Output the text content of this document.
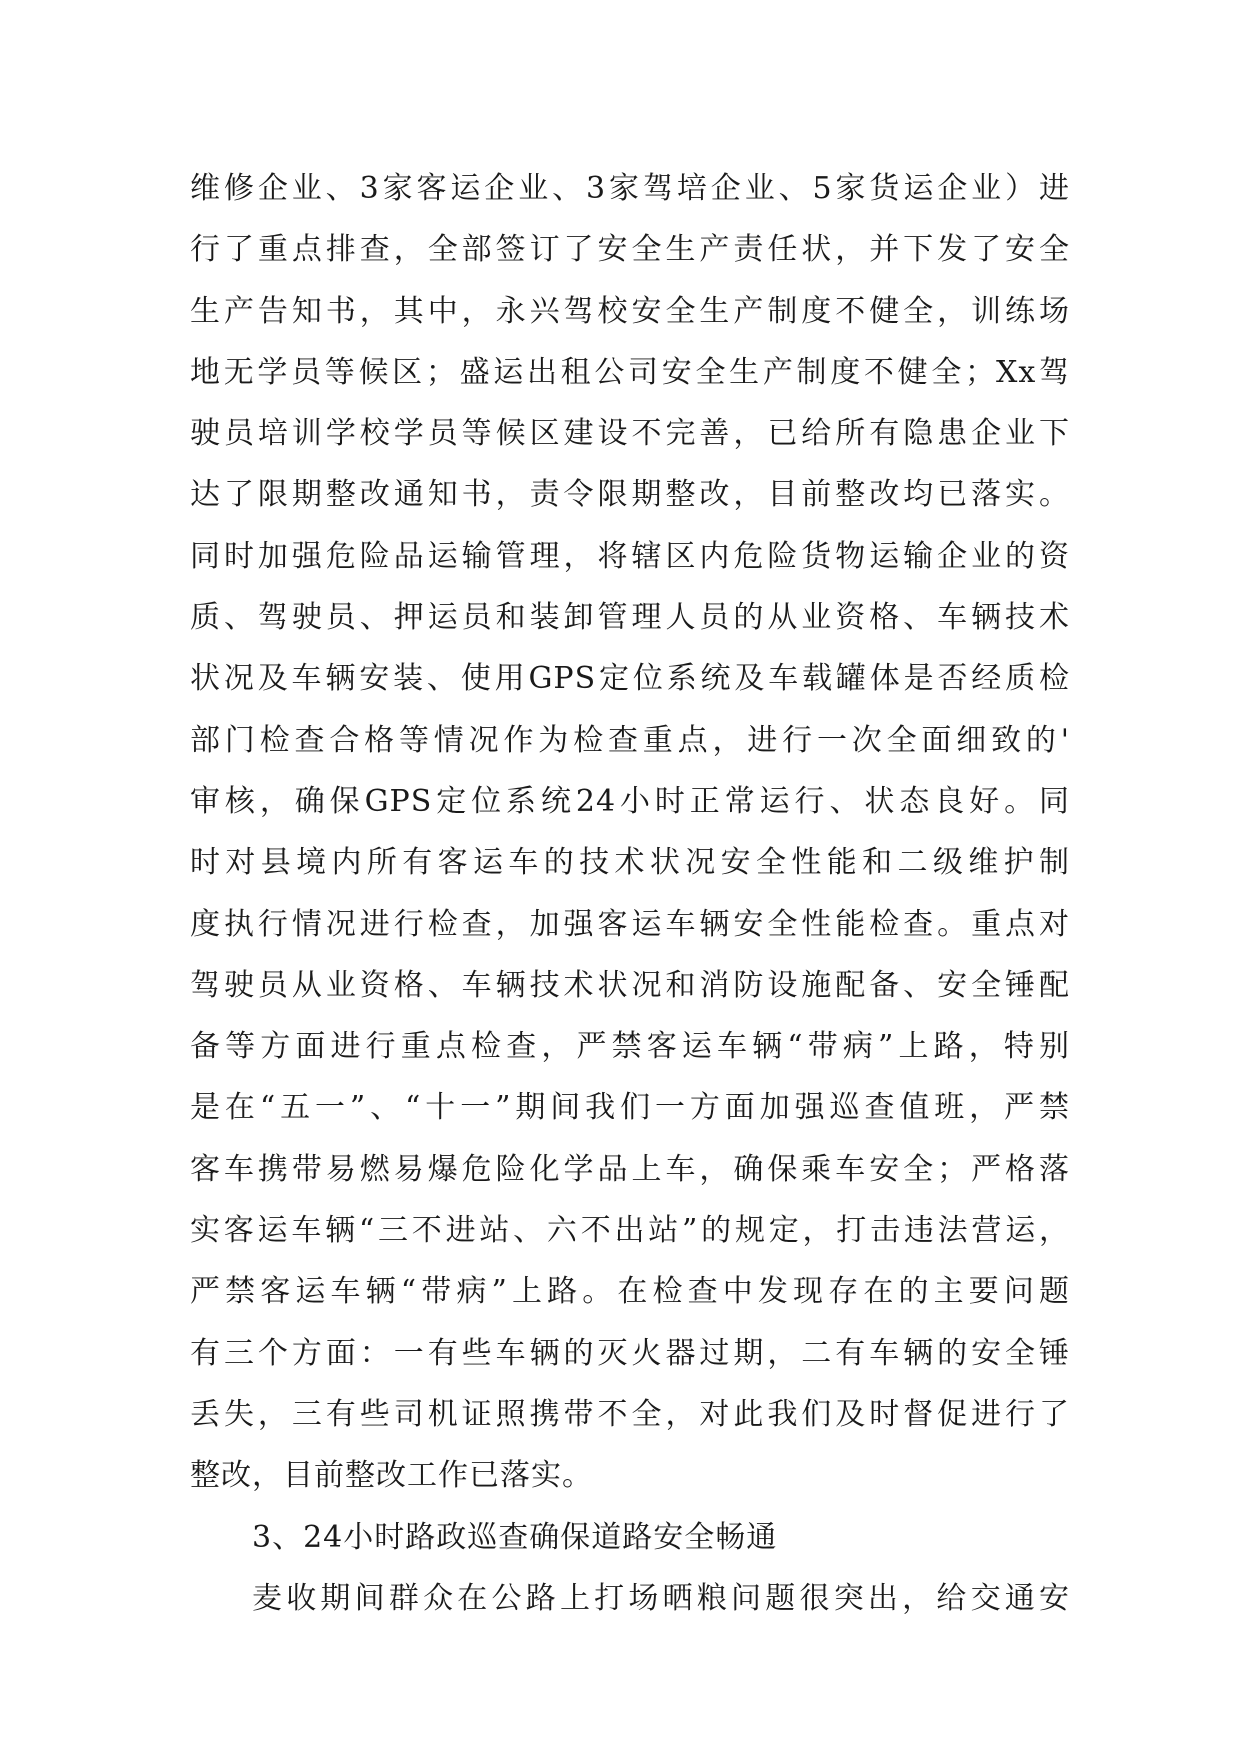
维修企业、3家客运企业、3家驾培企业、5家货运企业）进
行了重点排查，全部签订了安全生产责任状，并下发了安全
生产告知书，其中，永兴驾校安全生产制度不健全，训练场
地无学员等候区；盛运出租公司安全生产制度不健全；Xx驾
驶员培训学校学员等候区建设不完善，已给所有隐患企业下
达了限期整改通知书，责令限期整改，目前整改均已落实。
同时加强危险品运输管理，将辖区内危险货物运输企业的资
质、驾驶员、押运员和装卸管理人员的从业资格、车辆技术
状况及车辆安装、使用GPS定位系统及车载罐体是否经质检
部门检查合格等情况作为检查重点，进行一次全面细致的'
审核，确保GPS定位系统24小时正常运行、状态良好。同
时对县境内所有客运车的技术状况安全性能和二级维护制
度执行情况进行检查，加强客运车辆安全性能检查。重点对
驾驶员从业资格、车辆技术状况和消防设施配备、安全锤配
备等方面进行重点检查，严禁客运车辆“带病”上路，特别
是在“五一”、“十一”期间我们一方面加强巡查值班，严禁
客车携带易燃易爆危险化学品上车，确保乘车安全；严格落
实客运车辆“三不进站、六不出站”的规定，打击违法营运，
严禁客运车辆“带病”上路。在检查中发现存在的主要问题
有三个方面：一有些车辆的灭火器过期，二有车辆的安全锤
丢失，三有些司机证照携带不全，对此我们及时督促进行了
整改，目前整改工作已落实。
3、24小时路政巡查确保道路安全畅通
麦收期间群众在公路上打场晒粮问题很突出，给交通安
